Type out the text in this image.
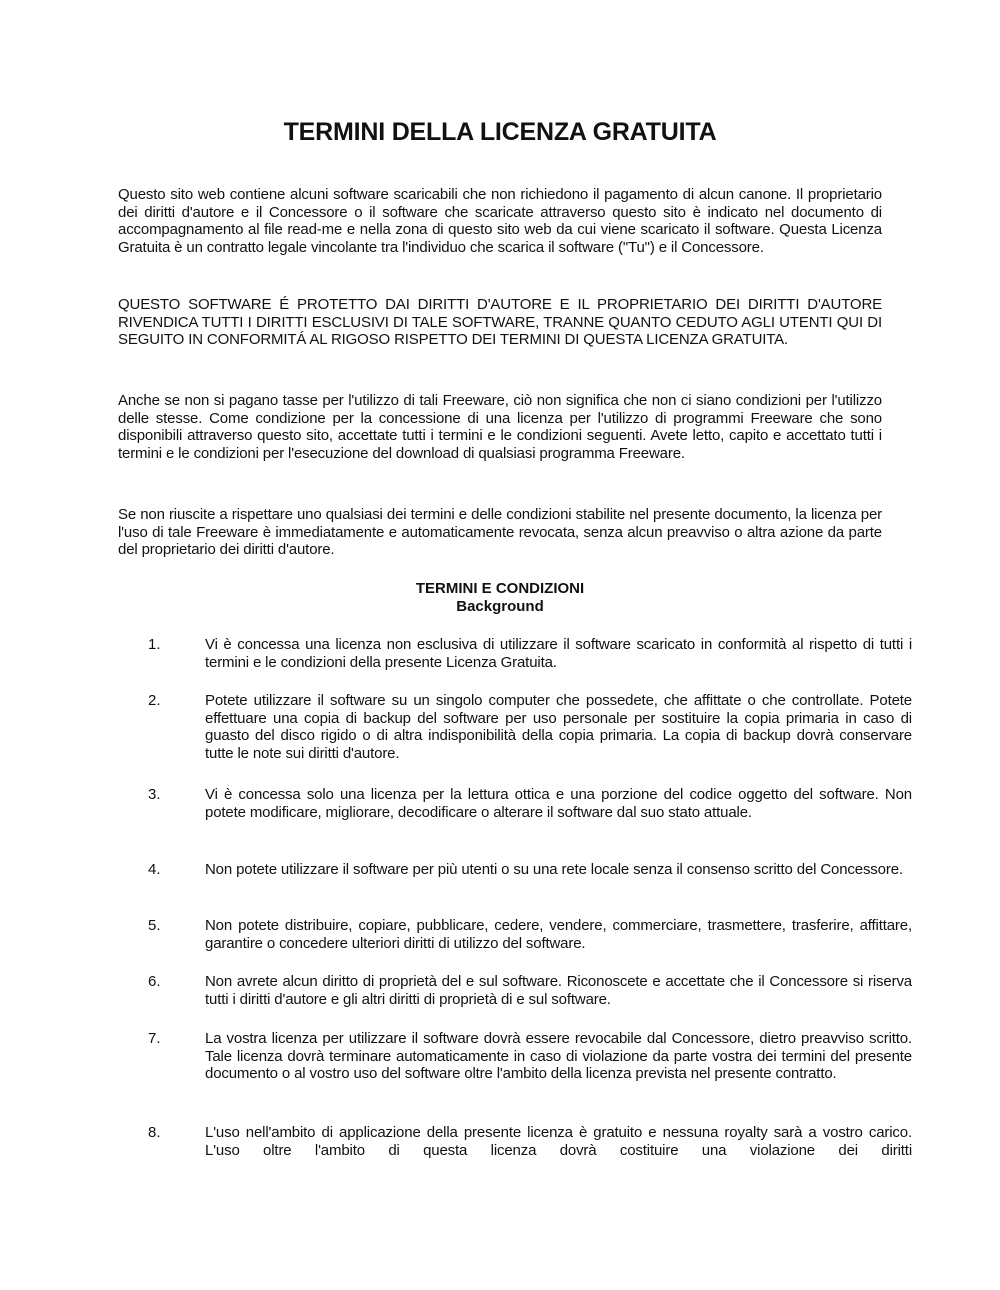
TERMINI DELLA LICENZA GRATUITA

Questo sito web contiene alcuni software scaricabili che non richiedono il pagamento di alcun canone. Il proprietario dei diritti d'autore e il Concessore o il software che scaricate attraverso questo sito è indicato nel documento di accompagnamento al file read-me e nella zona di questo sito web da cui viene scaricato il software. Questa Licenza Gratuita è un contratto legale vincolante tra l'individuo che scarica il software ("Tu") e il Concessore.

QUESTO SOFTWARE É PROTETTO DAI DIRITTI D'AUTORE E IL PROPRIETARIO DEI DIRITTI D'AUTORE RIVENDICA TUTTI I DIRITTI ESCLUSIVI DI TALE SOFTWARE, TRANNE QUANTO CEDUTO AGLI UTENTI QUI DI SEGUITO IN CONFORMITÁ AL RIGOSO RISPETTO DEI TERMINI DI QUESTA LICENZA GRATUITA.

Anche se non si pagano tasse per l'utilizzo di tali Freeware, ciò non significa che non ci siano condizioni per l'utilizzo delle stesse. Come condizione per la concessione di una licenza per l'utilizzo di programmi Freeware che sono disponibili attraverso questo sito, accettate tutti i termini e le condizioni seguenti. Avete letto, capito e accettato tutti i termini e le condizioni per l'esecuzione del download di qualsiasi programma Freeware.

Se non riuscite a rispettare uno qualsiasi dei termini e delle condizioni stabilite nel presente documento, la licenza per l'uso di tale Freeware è immediatamente e automaticamente revocata, senza alcun preavviso o altra azione da parte del proprietario dei diritti d'autore.

TERMINI E CONDIZIONI
Background
1.	Vi è concessa una licenza non esclusiva di utilizzare il software scaricato in conformità al rispetto di tutti i termini e le condizioni della presente Licenza Gratuita.

2.	Potete utilizzare il software su un singolo computer che possedete, che affittate o che controllate. Potete effettuare una copia di backup del software per uso personale per sostituire la copia primaria in caso di guasto del disco rigido o di altra indisponibilità della copia primaria. La copia di backup dovrà conservare tutte le note sui diritti d'autore.

3.	Vi è concessa solo una licenza per la lettura ottica e una porzione del codice oggetto del software. Non potete modificare, migliorare, decodificare o alterare il software dal suo stato attuale.

4.	Non potete utilizzare il software per più utenti o su una rete locale senza il consenso scritto del Concessore.

5.	Non potete distribuire, copiare, pubblicare, cedere, vendere, commerciare, trasmettere, trasferire, affittare, garantire o concedere ulteriori diritti di utilizzo del software.

6.	Non avrete alcun diritto di proprietà del e sul software. Riconoscete e accettate che il Concessore si riserva tutti i diritti d'autore e gli altri diritti di proprietà di e sul software.

7.	La vostra licenza per utilizzare il software dovrà essere revocabile dal Concessore, dietro preavviso scritto. Tale licenza dovrà terminare automaticamente in caso di violazione da parte vostra dei termini del presente documento o al vostro uso del software oltre l'ambito della licenza prevista nel presente contratto.

8.	L'uso nell'ambito di applicazione della presente licenza è gratuito e nessuna royalty sarà a vostro carico. L'uso oltre l'ambito di questa licenza dovrà costituire una violazione dei diritti
